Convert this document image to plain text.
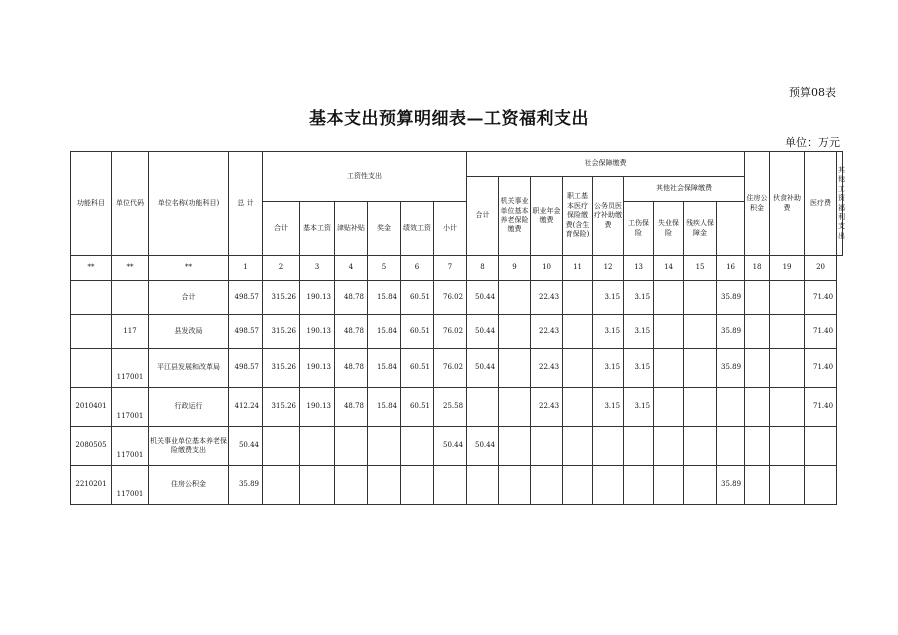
预算08表
基本支出预算明细表—工资福利支出
单位：万元
功能科目	单位代码	单位名称(功能科目)	总 计	工资性支出						社会保障缴费									住房公积金	伙食补助费	医疗费	其他工资福利支出
										合计	机关事业单位基本养老保险缴费	职业年金缴费	职工基本医疗保险缴费(含生育保险)	公务员医疗补助缴费	其他社会保障缴费							
				合计	基本工资	津贴补贴	奖金	绩效工资	小计						工伤保险	失业保险	残疾人保障金					
**	**	**	1	2	3	4	5	6	7	8	9	10	11	12	13	14	15	16	18	19	20	
		合计	498.57	315.26	190.13	48.78	15.84	60.51	76.02	50.44		22.43		3.15	3.15			35.89			71.40	
	117	县发改局	498.57	315.26	190.13	48.78	15.84	60.51	76.02	50.44		22.43		3.15	3.15			35.89			71.40	
	117001	平江县发展和改革局	498.57	315.26	190.13	48.78	15.84	60.51	76.02	50.44		22.43		3.15	3.15			35.89			71.40	
2010401	117001	行政运行	412.24	315.26	190.13	48.78	15.84	60.51	25.58			22.43		3.15	3.15						71.40	
2080505	117001	机关事业单位基本养老保险缴费支出	50.44						50.44	50.44												
2210201	117001	住房公积金	35.89															35.89				
